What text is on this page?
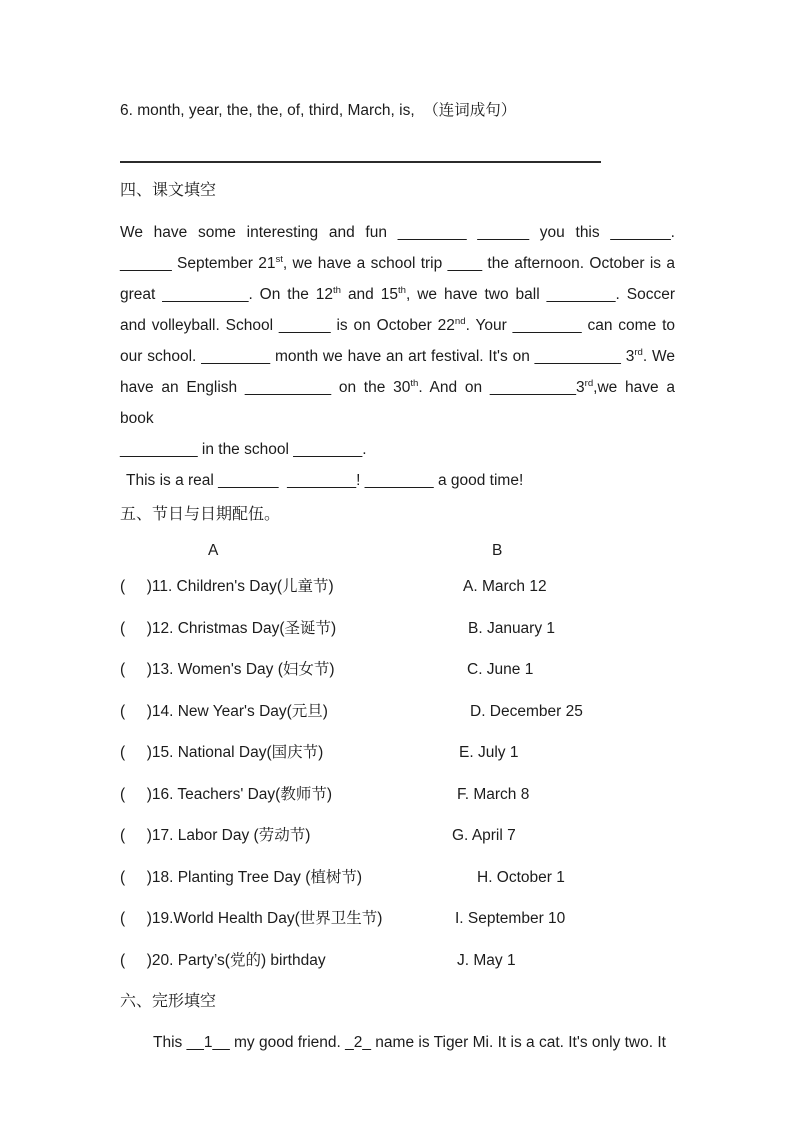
6. month, year, the, the, of, third, March, is,  （连词成句）
四、课文填空
We have some interesting and fun ________ ______ you this _______.
______ September 21st, we have a school trip ____ the afternoon. October is a
great __________. On the 12th and 15th, we have two ball ________. Soccer
and volleyball. School ______ is on October 22nd. Your ________ can come to
our school. ________ month we have an art festival. It's on __________ 3rd. We
have an English __________ on the 30th. And on __________3rd,we have a book
_________ in the school ________.
This is a real _______  ________! ________ a good time!
五、节日与日期配伍。
A	B
(     )11. Children's Day(儿童节)	A. March 12
(     )12. Christmas Day(圣诞节)	B. January 1
(     )13. Women's Day (妇女节)	C. June 1
(     )14. New Year's Day(元旦)	D. December 25
(     )15. National Day(国庆节)	E. July 1
(     )16. Teachers' Day(教师节)	F. March 8
(     )17. Labor Day (劳动节)	G. April 7
(     )18. Planting Tree Day (植树节)	H. October 1
(     )19.World Health Day(世界卫生节)	I. September 10
(     )20. Party’s(党的) birthday	J. May 1
六、完形填空
This __1__ my good friend. _2_ name is Tiger Mi. It is a cat. It's only two. It
